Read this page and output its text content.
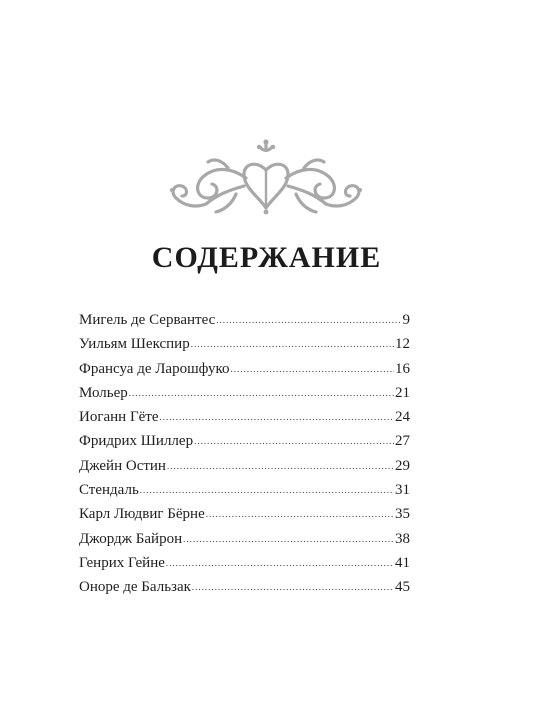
СОДЕРЖАНИЕ
Мигель де Сервантес .....	9
Уильям Шекспир .....	12
Франсуа де Ларошфуко .....	16
Мольер .....	21
Иоганн Гёте .....	24
Фридрих Шиллер .....	27
Джейн Остин .....	29
Стендаль .....	31
Карл Людвиг Бёрне .....	35
Джордж Байрон .....	38
Генрих Гейне .....	41
Оноре де Бальзак .....	45
